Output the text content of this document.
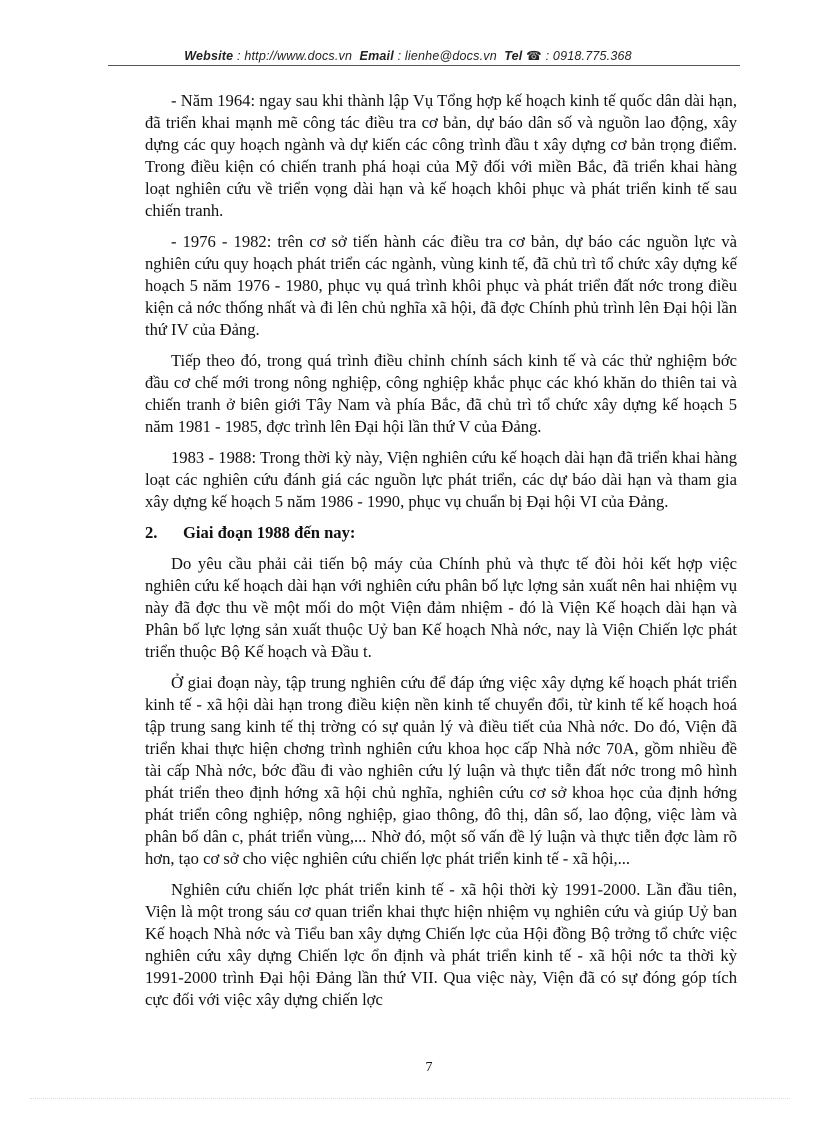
Website : http://www.docs.vn Email : lienhe@docs.vn Tel ☎ : 0918.775.368

- Năm 1964: ngay sau khi thành lập Vụ Tổng hợp kế hoạch kinh tế quốc dân dài hạn, đã triển khai mạnh mẽ công tác điều tra cơ bản, dự báo dân số và nguồn lao động, xây dựng các quy hoạch ngành và dự kiến các công trình đầu t xây dựng cơ bản trọng điểm. Trong điều kiện có chiến tranh phá hoại của Mỹ đối với miền Bắc, đã triển khai hàng loạt nghiên cứu về triển vọng dài hạn và kế hoạch khôi phục và phát triển kinh tế sau chiến tranh.

- 1976 - 1982: trên cơ sở tiến hành các điều tra cơ bản, dự báo các nguồn lực và nghiên cứu quy hoạch phát triển các ngành, vùng kinh tế, đã chủ trì tổ chức xây dựng kế hoạch 5 năm 1976 - 1980, phục vụ quá trình khôi phục và phát triển đất nớc trong điều kiện cả nớc thống nhất và đi lên chủ nghĩa xã hội, đã đợc Chính phủ trình lên Đại hội lần thứ IV của Đảng.

Tiếp theo đó, trong quá trình điều chỉnh chính sách kinh tế và các thử nghiệm bớc đầu cơ chế mới trong nông nghiệp, công nghiệp khắc phục các khó khăn do thiên tai và chiến tranh ở biên giới Tây Nam và phía Bắc, đã chủ trì tổ chức xây dựng kế hoạch 5 năm 1981 - 1985, đợc trình lên Đại hội lần thứ V của Đảng.

1983 - 1988: Trong thời kỳ này, Viện nghiên cứu kế hoạch dài hạn đã triển khai hàng loạt các nghiên cứu đánh giá các nguồn lực phát triển, các dự báo dài hạn và tham gia xây dựng kế hoạch 5 năm 1986 - 1990, phục vụ chuẩn bị Đại hội VI của Đảng.

2. Giai đoạn 1988 đến nay:

Do yêu cầu phải cải tiến bộ máy của Chính phủ và thực tế đòi hỏi kết hợp việc nghiên cứu kế hoạch dài hạn với nghiên cứu phân bố lực lợng sản xuất nên hai nhiệm vụ này đã đợc thu về một mối do một Viện đảm nhiệm - đó là Viện Kế hoạch dài hạn và Phân bố lực lợng sản xuất thuộc Uỷ ban Kế hoạch Nhà nớc, nay là Viện Chiến lợc phát triển thuộc Bộ Kế hoạch và Đầu t.

Ở giai đoạn này, tập trung nghiên cứu để đáp ứng việc xây dựng kế hoạch phát triển kinh tế - xã hội dài hạn trong điều kiện nền kinh tế chuyển đổi, từ kinh tế kế hoạch hoá tập trung sang kinh tế thị trờng có sự quản lý và điều tiết của Nhà nớc. Do đó, Viện đã triển khai thực hiện chơng trình nghiên cứu khoa học cấp Nhà nớc 70A, gồm nhiều đề tài cấp Nhà nớc, bớc đầu đi vào nghiên cứu lý luận và thực tiễn đất nớc trong mô hình phát triển theo định hớng xã hội chủ nghĩa, nghiên cứu cơ sở khoa học của định hớng phát triển công nghiệp, nông nghiệp, giao thông, đô thị, dân số, lao động, việc làm và phân bố dân c, phát triển vùng,... Nhờ đó, một số vấn đề lý luận và thực tiễn đợc làm rõ hơn, tạo cơ sở cho việc nghiên cứu chiến lợc phát triển kinh tế - xã hội,...

Nghiên cứu chiến lợc phát triển kinh tế - xã hội thời kỳ 1991-2000. Lần đầu tiên, Viện là một trong sáu cơ quan triển khai thực hiện nhiệm vụ nghiên cứu và giúp Uỷ ban Kế hoạch Nhà nớc và Tiểu ban xây dựng Chiến lợc của Hội đồng Bộ trởng tổ chức việc nghiên cứu xây dựng Chiến lợc ổn định và phát triển kinh tế - xã hội nớc ta thời kỳ 1991-2000 trình Đại hội Đảng lần thứ VII. Qua việc này, Viện đã có sự đóng góp tích cực đối với việc xây dựng chiến lợc

7
